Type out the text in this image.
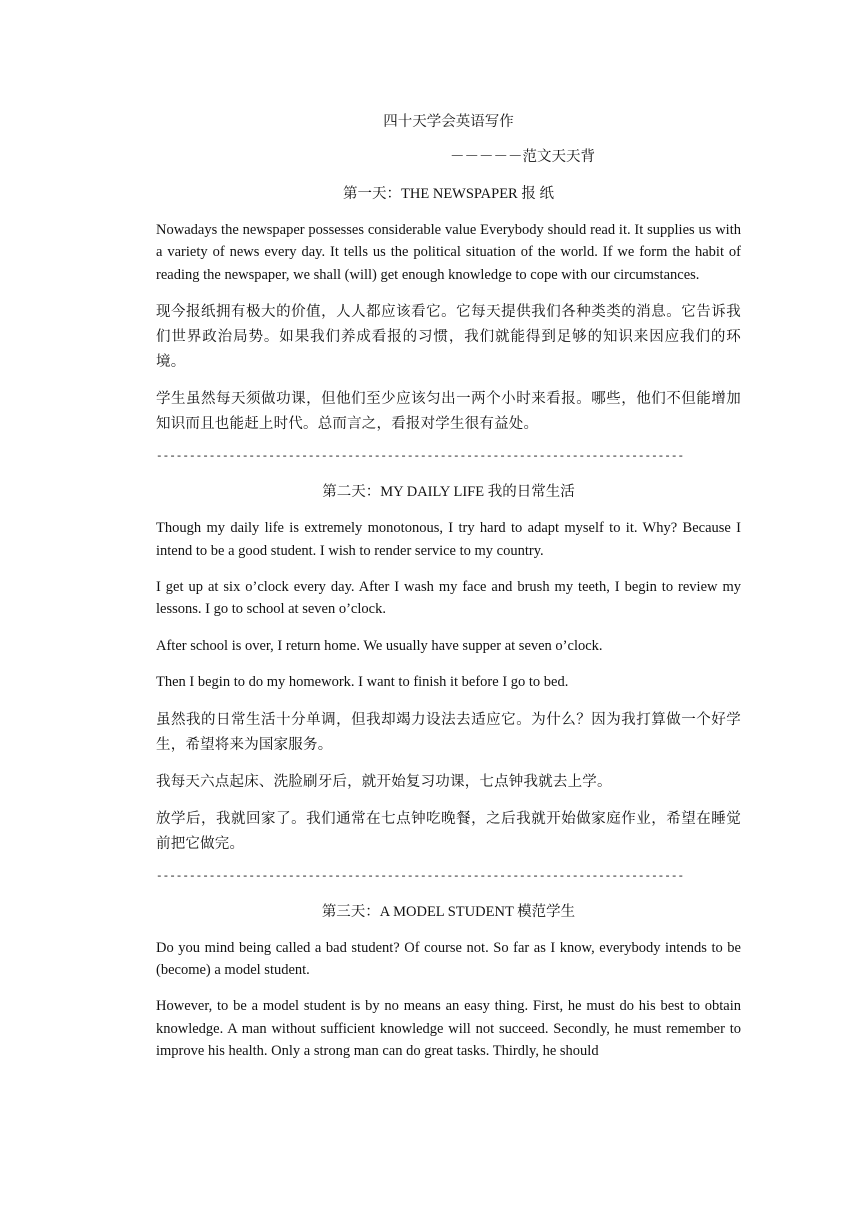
四十天学会英语写作
－－－－－范文天天背
第一天：THE NEWSPAPER 报 纸

Nowadays the newspaper possesses considerable value Everybody should read it. It supplies us with a variety of news every day. It tells us the political situation of the world. If we form the habit of reading the newspaper, we shall (will) get enough knowledge to cope with our circumstances.

现今报纸拥有极大的价值，人人都应该看它。它每天提供我们各种类类的消息。它告诉我们世界政治局势。如果我们养成看报的习惯，我们就能得到足够的知识来因应我们的环境。

学生虽然每天须做功课，但他们至少应该匀出一两个小时来看报。哪些，他们不但能增加知识而且也能赶上时代。总而言之，看报对学生很有益处。

--------------------------------------------------------------------------------
第二天：MY DAILY LIFE 我的日常生活

Though my daily life is extremely monotonous, I try hard to adapt myself to it. Why? Because I intend to be a good student. I wish to render service to my country.

I get up at six o’clock every day. After I wash my face and brush my teeth, I begin to review my lessons. I go to school at seven o’clock.

After school is over, I return home. We usually have supper at seven o’clock.

Then I begin to do my homework. I want to finish it before I go to bed.

虽然我的日常生活十分单调，但我却竭力设法去适应它。为什么？因为我打算做一个好学生，希望将来为国家服务。

我每天六点起床、洗脸刷牙后，就开始复习功课，七点钟我就去上学。

放学后，我就回家了。我们通常在七点钟吃晚餐，之后我就开始做家庭作业，希望在睡觉前把它做完。

--------------------------------------------------------------------------------
第三天：A MODEL STUDENT 模范学生

Do you mind being called a bad student? Of course not. So far as I know, everybody intends to be (become) a model student.

However, to be a model student is by no means an easy thing. First, he must do his best to obtain knowledge. A man without sufficient knowledge will not succeed. Secondly, he must remember to improve his health. Only a strong man can do great tasks. Thirdly, he should
